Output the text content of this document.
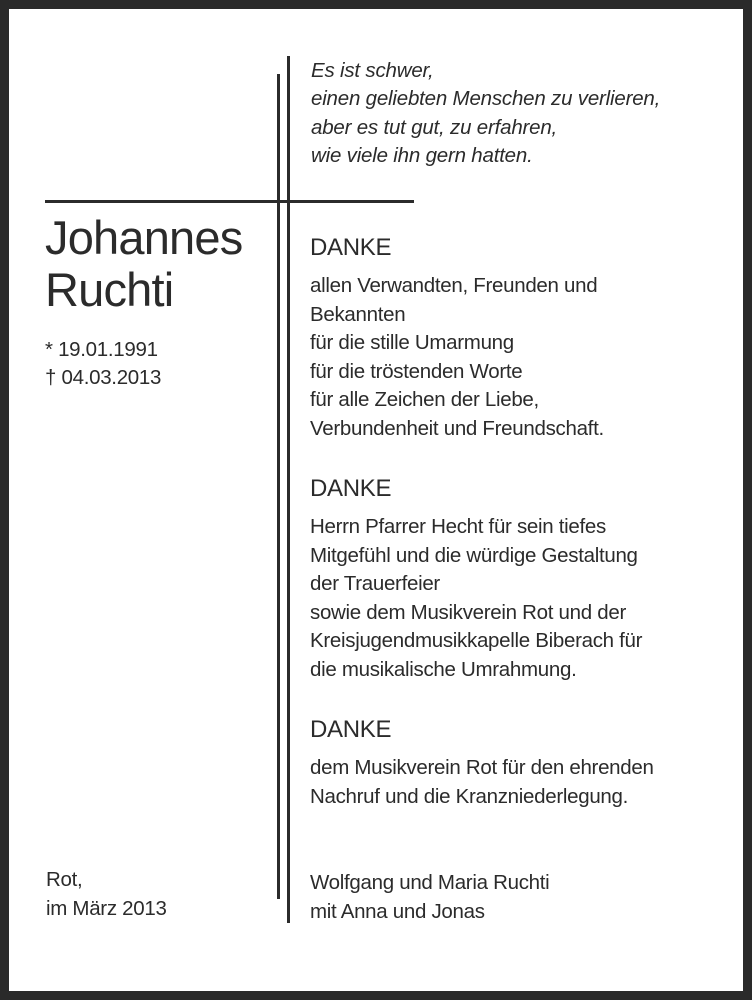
Es ist schwer,
einen geliebten Menschen zu verlieren,
aber es tut gut, zu erfahren,
wie viele ihn gern hatten.
Johannes
Ruchti
* 19.01.1991
† 04.03.2013
DANKE
allen Verwandten, Freunden und
Bekannten
für die stille Umarmung
für die tröstenden Worte
für alle Zeichen der Liebe,
Verbundenheit und Freundschaft.
DANKE
Herrn Pfarrer Hecht für sein tiefes
Mitgefühl und die würdige Gestaltung
der Trauerfeier
sowie dem Musikverein Rot und der
Kreisjugendmusikkapelle Biberach für
die musikalische Umrahmung.
DANKE
dem Musikverein Rot für den ehrenden
Nachruf und die Kranzniederlegung.
Rot,
im März 2013
Wolfgang und Maria Ruchti
mit Anna und Jonas
